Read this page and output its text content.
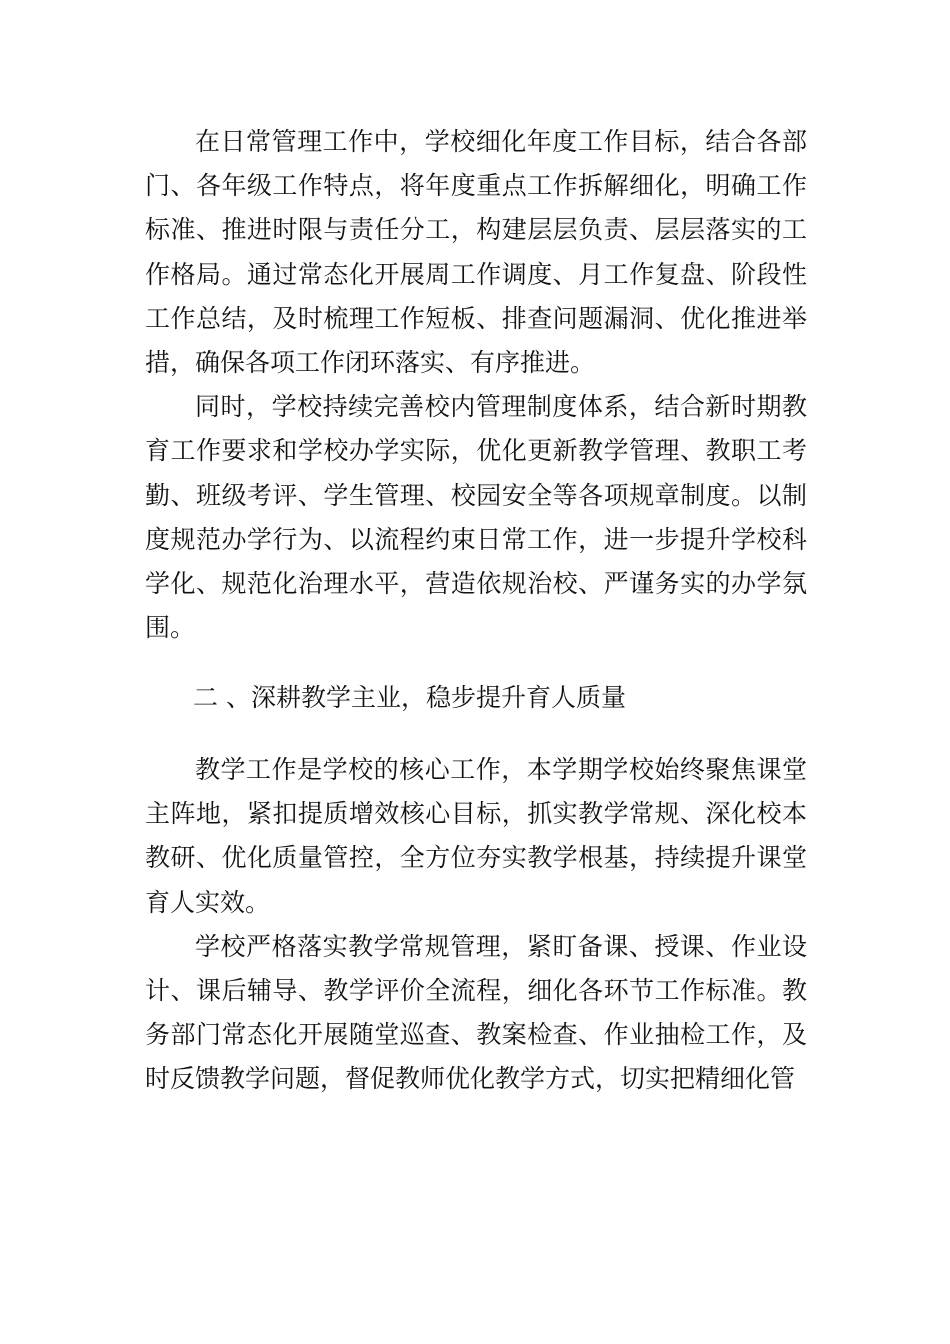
在日常管理工作中，学校细化年度工作目标，结合各部门、各年级工作特点，将年度重点工作拆解细化，明确工作标准、推进时限与责任分工，构建层层负责、层层落实的工作格局。通过常态化开展周工作调度、月工作复盘、阶段性工作总结，及时梳理工作短板、排查问题漏洞、优化推进举措，确保各项工作闭环落实、有序推进。

同时，学校持续完善校内管理制度体系，结合新时期教育工作要求和学校办学实际，优化更新教学管理、教职工考勤、班级考评、学生管理、校园安全等各项规章制度。以制度规范办学行为、以流程约束日常工作，进一步提升学校科学化、规范化治理水平，营造依规治校、严谨务实的办学氛围。

二 、深耕教学主业，稳步提升育人质量

教学工作是学校的核心工作，本学期学校始终聚焦课堂主阵地，紧扣提质增效核心目标，抓实教学常规、深化校本教研、优化质量管控，全方位夯实教学根基，持续提升课堂育人实效。

学校严格落实教学常规管理，紧盯备课、授课、作业设计、课后辅导、教学评价全流程，细化各环节工作标准。教务部门常态化开展随堂巡查、教案检查、作业抽检工作，及时反馈教学问题，督促教师优化教学方式，切实把精细化管
